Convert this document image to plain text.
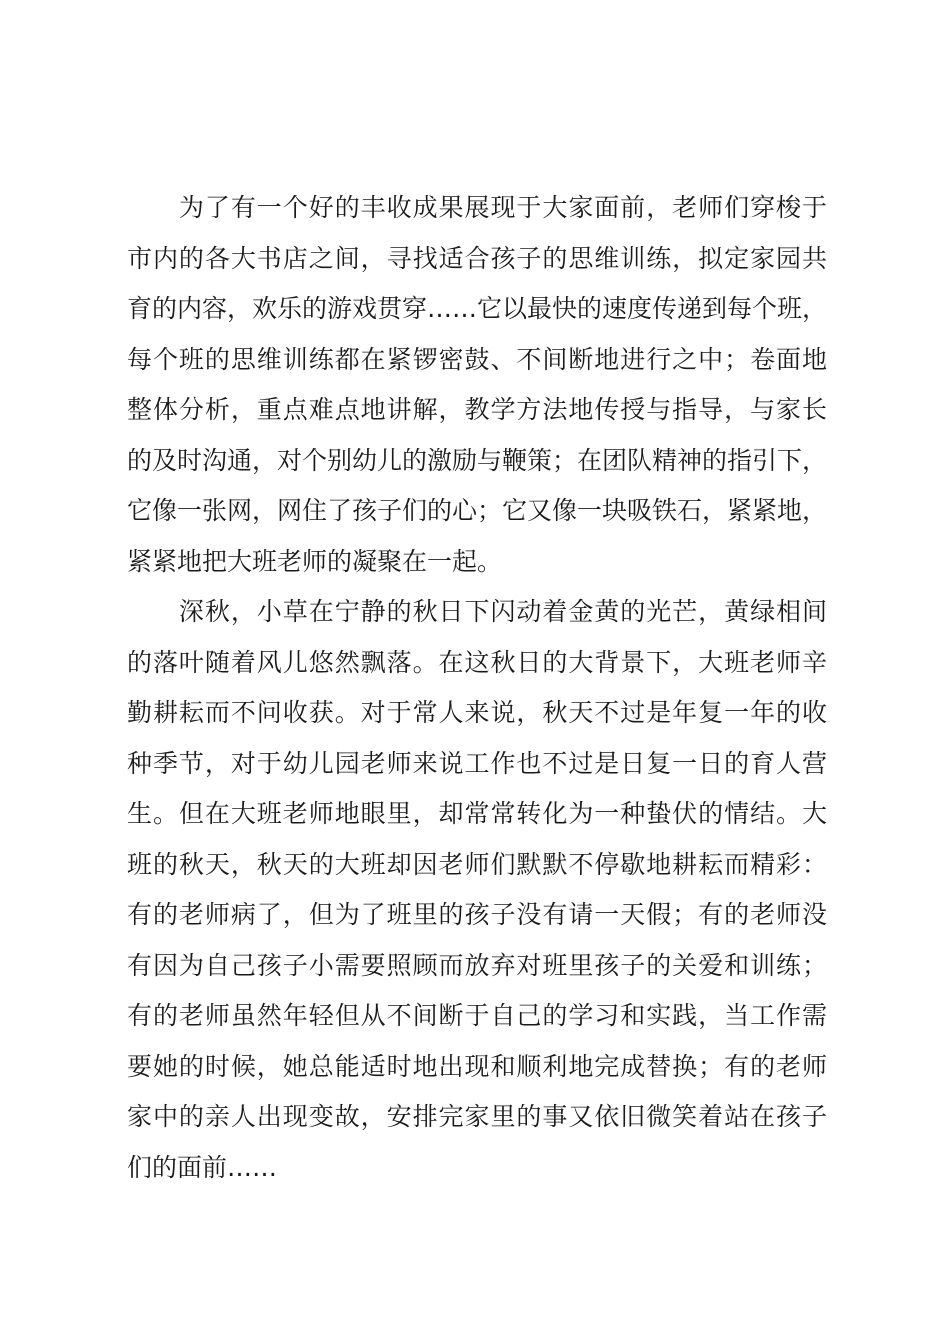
　　为了有一个好的丰收成果展现于大家面前，老师们穿梭于
市内的各大书店之间，寻找适合孩子的思维训练，拟定家园共
育的内容，欢乐的游戏贯穿……它以最快的速度传递到每个班，
每个班的思维训练都在紧锣密鼓、不间断地进行之中；卷面地
整体分析，重点难点地讲解，教学方法地传授与指导，与家长
的及时沟通，对个别幼儿的激励与鞭策；在团队精神的指引下，
它像一张网，网住了孩子们的心；它又像一块吸铁石，紧紧地，
紧紧地把大班老师的凝聚在一起。

　　深秋，小草在宁静的秋日下闪动着金黄的光芒，黄绿相间
的落叶随着风儿悠然飘落。在这秋日的大背景下，大班老师辛
勤耕耘而不问收获。对于常人来说，秋天不过是年复一年的收
种季节，对于幼儿园老师来说工作也不过是日复一日的育人营
生。但在大班老师地眼里，却常常转化为一种蛰伏的情结。大
班的秋天，秋天的大班却因老师们默默不停歇地耕耘而精彩：
有的老师病了，但为了班里的孩子没有请一天假；有的老师没
有因为自己孩子小需要照顾而放弃对班里孩子的关爱和训练；
有的老师虽然年轻但从不间断于自己的学习和实践，当工作需
要她的时候，她总能适时地出现和顺利地完成替换；有的老师
家中的亲人出现变故，安排完家里的事又依旧微笑着站在孩子
们的面前……
